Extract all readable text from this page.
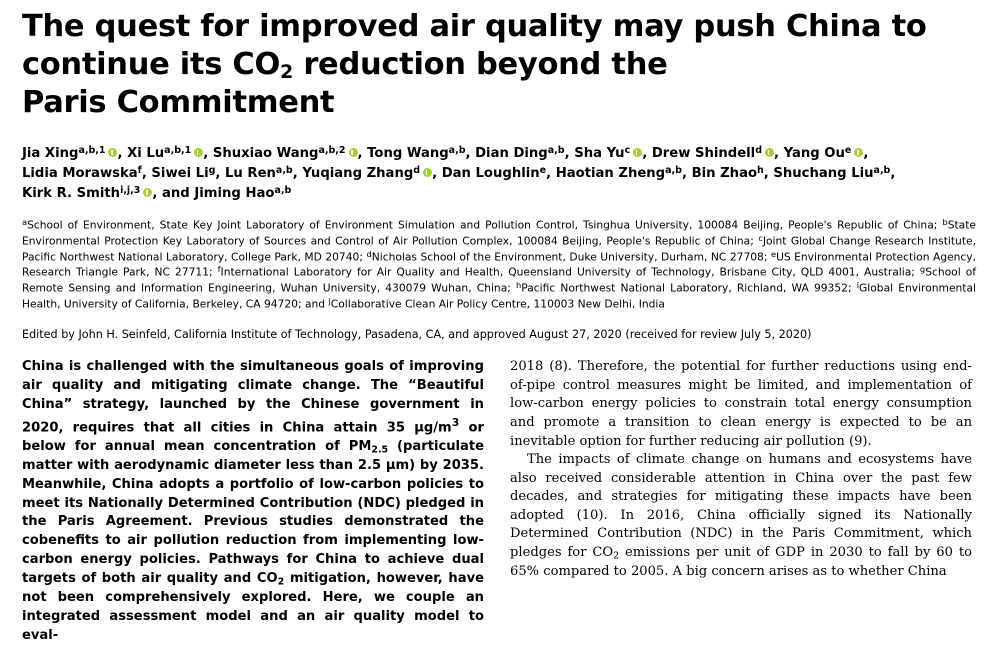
The quest for improved air quality may push China to
continue its $CO_2$ reduction beyond the
Paris Commitment
Jia Xing$^{a,b,1}$ , Xi Lu$^{a,b,1}$ , Shuxiao Wang$^{a,b,2}$ , Tong Wang$^{a,b}$, Dian Ding$^{a,b}$, Sha Yu$^c$ , Drew Shindell$^d$ , Yang Ou$^e$ ,
Lidia Morawska$^f$, Siwei Li$^g$, Lu Ren$^{a,b}$, Yuqiang Zhang$^d$ , Dan Loughlin$^e$, Haotian Zheng$^{a,b}$, Bin Zhao$^h$, Shuchang Liu$^{a,b}$,
Kirk R. Smith$^{i,j,3}$ , and Jiming Hao$^{a,b}$
$^a$School of Environment, State Key Joint Laboratory of Environment Simulation and Pollution Control, Tsinghua University, 100084 Beijing, People's Republic of China; $^b$State Environmental Protection Key Laboratory of Sources and Control of Air Pollution Complex, 100084 Beijing, People's Republic of China; $^c$Joint Global Change Research Institute, Pacific Northwest National Laboratory, College Park, MD 20740; $^d$Nicholas School of the Environment, Duke University, Durham, NC 27708; $^e$US Environmental Protection Agency, Research Triangle Park, NC 27711; $^f$International Laboratory for Air Quality and Health, Queensland University of Technology, Brisbane City, QLD 4001, Australia; $^g$School of Remote Sensing and Information Engineering, Wuhan University, 430079 Wuhan, China; $^h$Pacific Northwest National Laboratory, Richland, WA 99352; $^i$Global Environmental Health, University of California, Berkeley, CA 94720; and $^j$Collaborative Clean Air Policy Centre, 110003 New Delhi, India
Edited by John H. Seinfeld, California Institute of Technology, Pasadena, CA, and approved August 27, 2020 (received for review July 5, 2020)
China is challenged with the simultaneous goals of improving air quality and mitigating climate change. The “Beautiful China” strategy, launched by the Chinese government in 2020, requires that all cities in China attain 35 $\mu g/m^3$ or below for annual mean concentration of $PM_{2.5}$ (particulate matter with aerodynamic diameter less than 2.5 μm) by 2035. Meanwhile, China adopts a portfolio of low-carbon policies to meet its Nationally Determined Contribution (NDC) pledged in the Paris Agreement. Previous studies demonstrated the cobenefits to air pollution reduction from implementing low-carbon energy policies. Pathways for China to achieve dual targets of both air quality and $CO_2$ mitigation, however, have not been comprehensively explored. Here, we couple an integrated assessment model and an air quality model to eval-

2018 (8). Therefore, the potential for further reductions using end-of-pipe control measures might be limited, and implementation of low-carbon energy policies to constrain total energy consumption and promote a transition to clean energy is expected to be an inevitable option for further reducing air pollution (9).

The impacts of climate change on humans and ecosystems have also received considerable attention in China over the past few decades, and strategies for mitigating these impacts have been adopted (10). In 2016, China officially signed its Nationally Determined Contribution (NDC) in the Paris Commitment, which pledges for $CO_2$ emissions per unit of GDP in 2030 to fall by 60 to 65% compared to 2005. A big concern arises as to whether China
